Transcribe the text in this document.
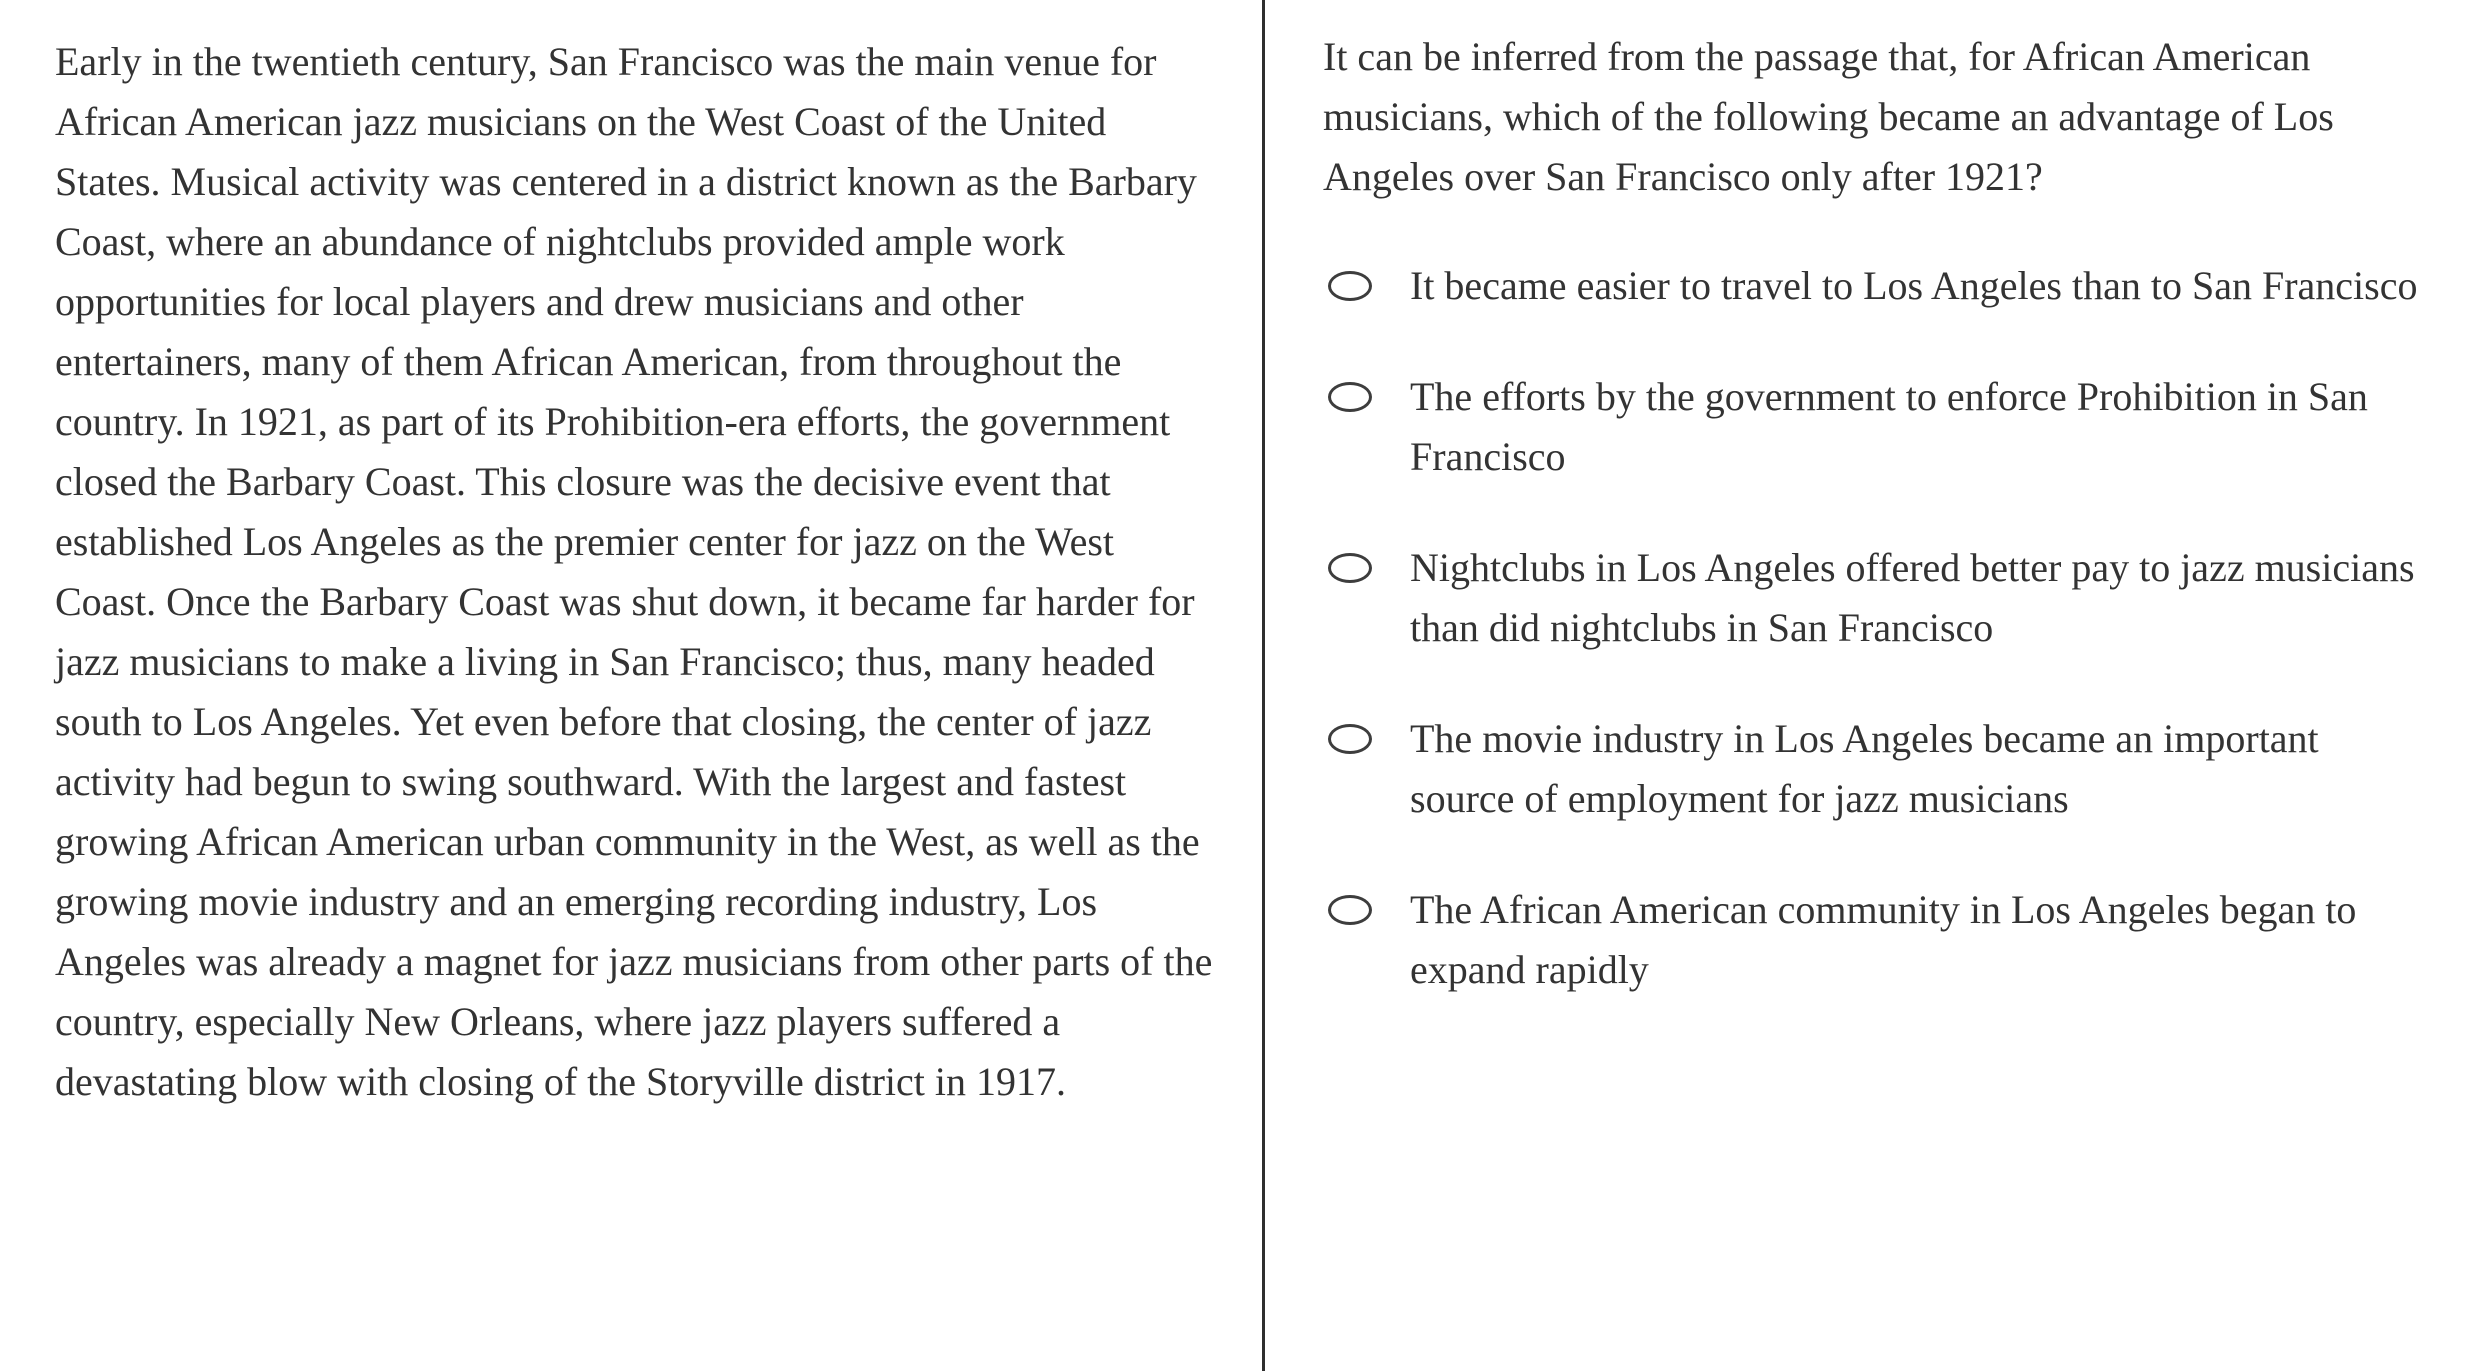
Early in the twentieth century, San Francisco was the main venue for African American jazz musicians on the West Coast of the United States. Musical activity was centered in a district known as the Barbary Coast, where an abundance of nightclubs provided ample work opportunities for local players and drew musicians and other entertainers, many of them African American, from throughout the country. In 1921, as part of its Prohibition-era efforts, the government closed the Barbary Coast. This closure was the decisive event that established Los Angeles as the premier center for jazz on the West Coast. Once the Barbary Coast was shut down, it became far harder for jazz musicians to make a living in San Francisco; thus, many headed south to Los Angeles. Yet even before that closing, the center of jazz activity had begun to swing southward. With the largest and fastest growing African American urban community in the West, as well as the growing movie industry and an emerging recording industry, Los Angeles was already a magnet for jazz musicians from other parts of the country, especially New Orleans, where jazz players suffered a devastating blow with closing of the Storyville district in 1917.

It can be inferred from the passage that, for African American musicians, which of the following became an advantage of Los Angeles over San Francisco only after 1921?

It became easier to travel to Los Angeles than to San Francisco
The efforts by the government to enforce Prohibition in San Francisco
Nightclubs in Los Angeles offered better pay to jazz musicians than did nightclubs in San Francisco
The movie industry in Los Angeles became an important source of employment for jazz musicians
The African American community in Los Angeles began to expand rapidly
